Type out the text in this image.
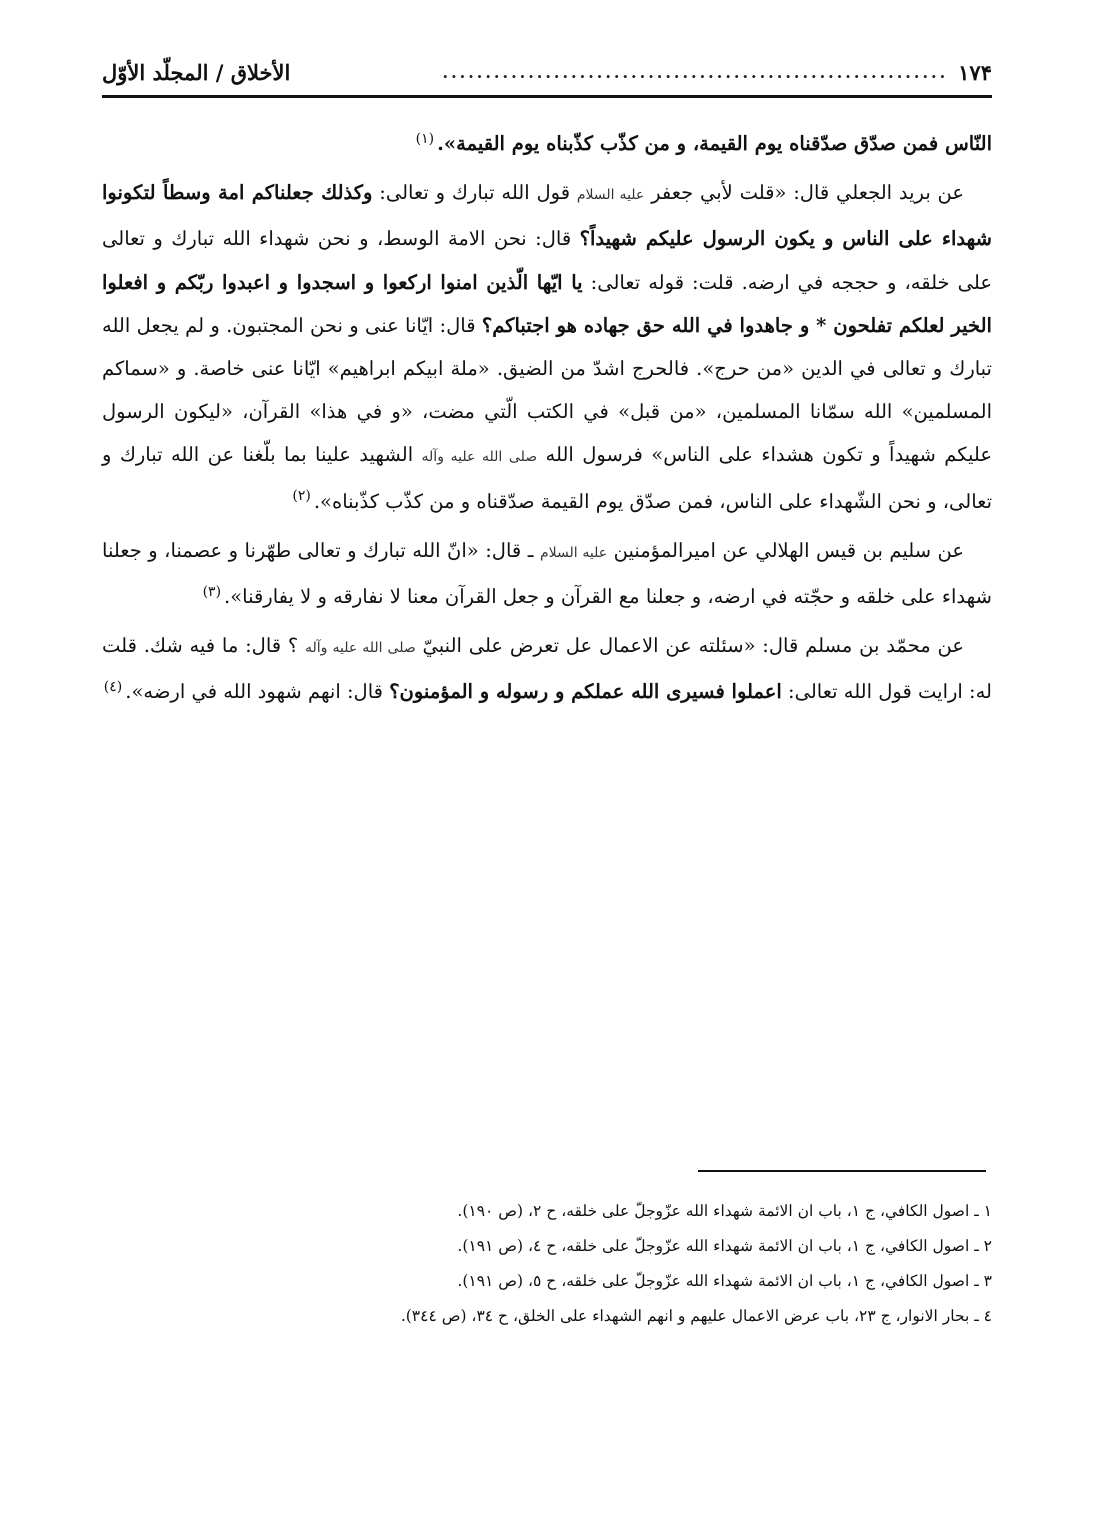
١٧۴
...........................................................
الأخلاق / المجلّد الأوّل

النّاس فمن صدّق صدّقناه يوم القيمة، و من كذّب كذّبناه يوم القيمة».$^{(١)}$

عن بريد الجعلي قال: «قلت لأبي جعفر عليه السلام قول الله تبارك و تعالى: وكذلك جعلناكم امة وسطاً لتكونوا شهداء على الناس و يكون الرسول عليكم شهيداً؟ قال: نحن الامة الوسط، و نحن شهداء الله تبارك و تعالى على خلقه، و حججه في ارضه. قلت: قوله تعالى: يا ايّها الّذين امنوا اركعوا و اسجدوا و اعبدوا ربّكم و افعلوا الخير لعلكم تفلحون * و جاهدوا في الله حق جهاده هو اجتباكم؟ قال: ايّانا عنى و نحن المجتبون. و لم يجعل الله تبارك و تعالى في الدين «من حرج». فالحرج اشدّ من الضيق. «ملة ابيكم ابراهيم» ايّانا عنى خاصة. و «سماكم المسلمين» الله سمّانا المسلمين، «من قبل» في الكتب الّتي مضت، «و في هذا» القرآن، «ليكون الرسول عليكم شهيداً و تكون هشداء على الناس» فرسول الله صلى الله عليه وآله الشهيد علينا بما بلّغنا عن الله تبارك و تعالى، و نحن الشّهداء على الناس، فمن صدّق يوم القيمة صدّقناه و من كذّب كذّبناه».$^{(٢)}$

عن سليم بن قيس الهلالي عن اميرالمؤمنين عليه السلام ـ قال: «انّ الله تبارك و تعالى طهّرنا و عصمنا، و جعلنا شهداء على خلقه و حجّته في ارضه، و جعلنا مع القرآن و جعل القرآن معنا لا نفارقه و لا يفارقنا».$^{(٣)}$

عن محمّد بن مسلم قال: «سئلته عن الاعمال عل تعرض على النبيّ صلى الله عليه وآله ؟ قال: ما فيه شك. قلت له: ارايت قول الله تعالى: اعملوا فسيرى الله عملكم و رسوله و المؤمنون؟ قال: انهم شهود الله في ارضه».$^{(٤)}$

١ ـ اصول الكافي، ج ١، باب ان الائمة شهداء الله عزّوجلّ على خلقه، ح ٢، (ص ١٩٠).
٢ ـ اصول الكافي، ج ١، باب ان الائمة شهداء الله عزّوجلّ على خلقه، ح ٤، (ص ١٩١).
٣ ـ اصول الكافي، ج ١، باب ان الائمة شهداء الله عزّوجلّ على خلقه، ح ٥، (ص ١٩١).
٤ ـ بحار الانوار، ج ٢٣، باب عرض الاعمال عليهم و انهم الشهداء على الخلق، ح ٣٤، (ص ٣٤٤).
